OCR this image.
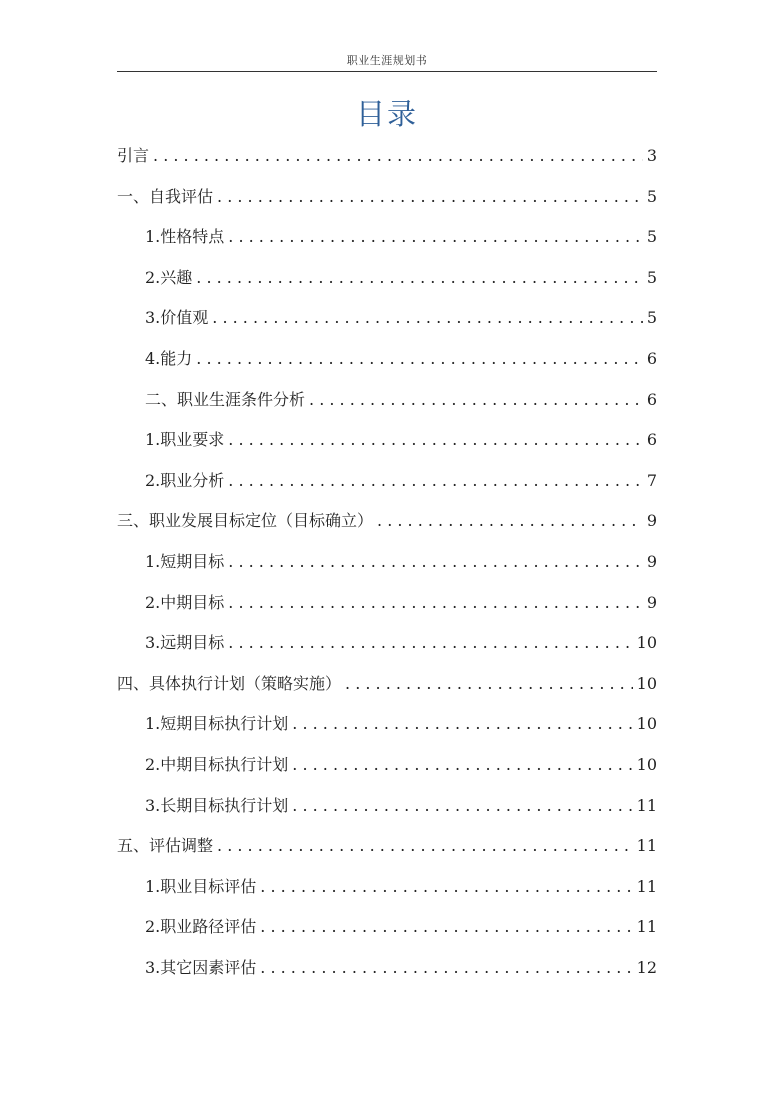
职业生涯规划书
目录
引言 . . .	3
一、自我评估 . . .	5
1.性格特点 . . .	5
2.兴趣 . . .	5
3.价值观 . . .	5
4.能力 . . .	6
二、职业生涯条件分析 . . .	6
1.职业要求 . . .	6
2.职业分析 . . .	7
三、职业发展目标定位（目标确立） . . .	9
1.短期目标 . . .	9
2.中期目标 . . .	9
3.远期目标 . . .	10
四、具体执行计划（策略实施） . . .	10
1.短期目标执行计划 . . .	10
2.中期目标执行计划 . . .	10
3.长期目标执行计划 . . .	11
五、评估调整 . . .	11
1.职业目标评估 . . .	11
2.职业路径评估 . . .	11
3.其它因素评估 . . .	12
